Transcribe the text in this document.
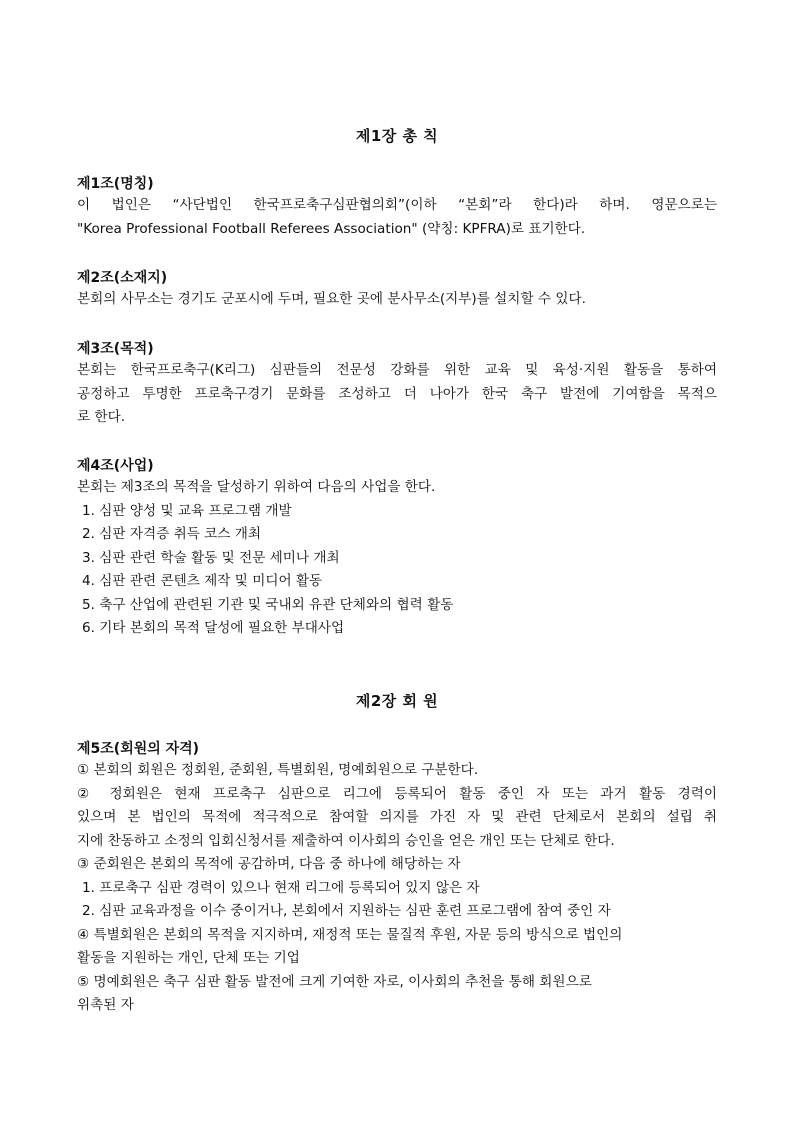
제1장 총 칙
제1조(명칭)
이 법인은 “사단법인 한국프로축구심판협의회”(이하 “본회”라 한다)라 하며. 영문으로는
"Korea Professional Football Referees Association" (약칭: KPFRA)로 표기한다.
제2조(소재지)
본회의 사무소는 경기도 군포시에 두며, 필요한 곳에 분사무소(지부)를 설치할 수 있다.
제3조(목적)
본회는 한국프로축구(K리그) 심판들의 전문성 강화를 위한 교육 및 육성·지원 활동을 통하여
공정하고 투명한 프로축구경기 문화를 조성하고 더 나아가 한국 축구 발전에 기여함을 목적으
로 한다.
제4조(사업)
본회는 제3조의 목적을 달성하기 위하여 다음의 사업을 한다.
1. 심판 양성 및 교육 프로그램 개발
2. 심판 자격증 취득 코스 개최
3. 심판 관련 학술 활동 및 전문 세미나 개최
4. 심판 관련 콘텐츠 제작 및 미디어 활동
5. 축구 산업에 관련된 기관 및 국내외 유관 단체와의 협력 활동
6. 기타 본회의 목적 달성에 필요한 부대사업
제2장 회 원
제5조(회원의 자격)
① 본회의 회원은 정회원, 준회원, 특별회원, 명예회원으로 구분한다.
② 정회원은 현재 프로축구 심판으로 리그에 등록되어 활동 중인 자 또는 과거 활동 경력이
있으며 본 법인의 목적에 적극적으로 참여할 의지를 가진 자 및 관련 단체로서 본회의 설립 취
지에 찬동하고 소정의 입회신청서를 제출하여 이사회의 승인을 얻은 개인 또는 단체로 한다.
③ 준회원은 본회의 목적에 공감하며, 다음 중 하나에 해당하는 자
1. 프로축구 심판 경력이 있으나 현재 리그에 등록되어 있지 않은 자
2. 심판 교육과정을 이수 중이거나, 본회에서 지원하는 심판 훈련 프로그램에 참여 중인 자
④ 특별회원은 본회의 목적을 지지하며, 재정적 또는 물질적 후원, 자문 등의 방식으로 법인의
활동을 지원하는 개인, 단체 또는 기업
⑤ 명예회원은 축구 심판 활동 발전에 크게 기여한 자로, 이사회의 추천을 통해 회원으로
위촉된 자
